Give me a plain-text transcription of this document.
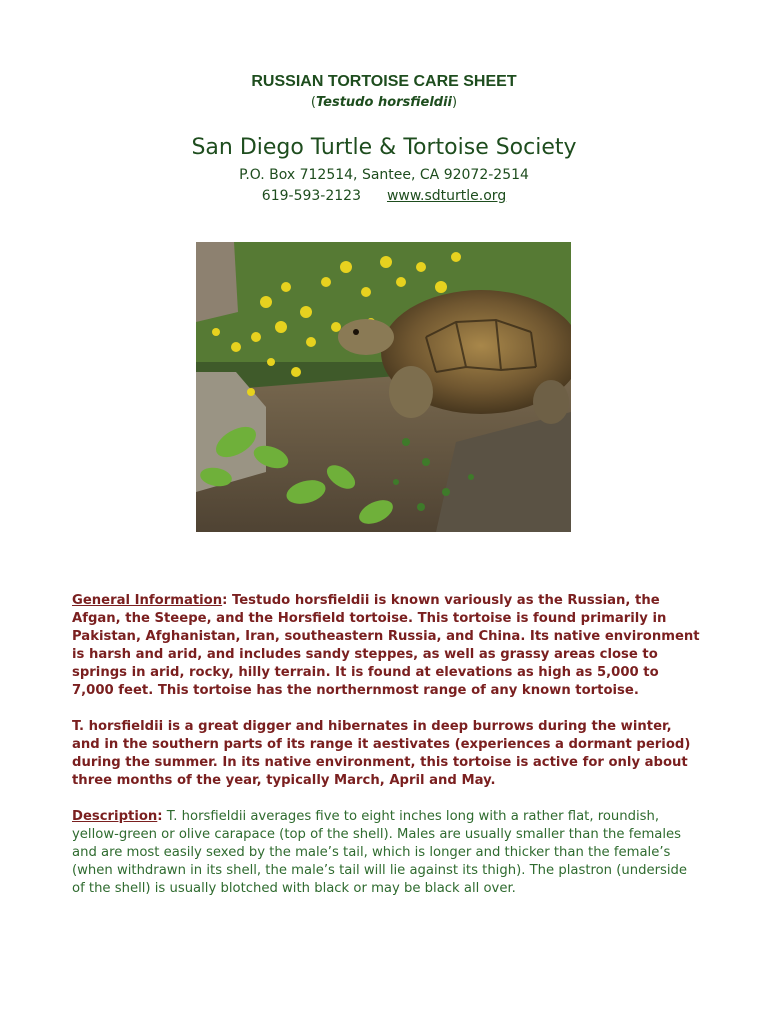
RUSSIAN TORTOISE CARE SHEET
(Testudo horsfieldii)
San Diego Turtle & Tortoise Society
P.O. Box 712514, Santee, CA 92072-2514
619-593-2123 www.sdturtle.org
General Information: Testudo horsfieldii is known variously as the Russian, the Afgan, the Steepe, and the Horsfield tortoise. This tortoise is found primarily in Pakistan, Afghanistan, Iran, southeastern Russia, and China. Its native environment is harsh and arid, and includes sandy steppes, as well as grassy areas close to springs in arid, rocky, hilly terrain. It is found at elevations as high as 5,000 to 7,000 feet. This tortoise has the northernmost range of any known tortoise.
T. horsfieldii is a great digger and hibernates in deep burrows during the winter, and in the southern parts of its range it aestivates (experiences a dormant period) during the summer. In its native environment, this tortoise is active for only about three months of the year, typically March, April and May.
Description: T. horsfieldii averages five to eight inches long with a rather flat, roundish, yellow-green or olive carapace (top of the shell). Males are usually smaller than the females and are most easily sexed by the male’s tail, which is longer and thicker than the female’s (when withdrawn in its shell, the male’s tail will lie against its thigh). The plastron (underside of the shell) is usually blotched with black or may be black all over.
